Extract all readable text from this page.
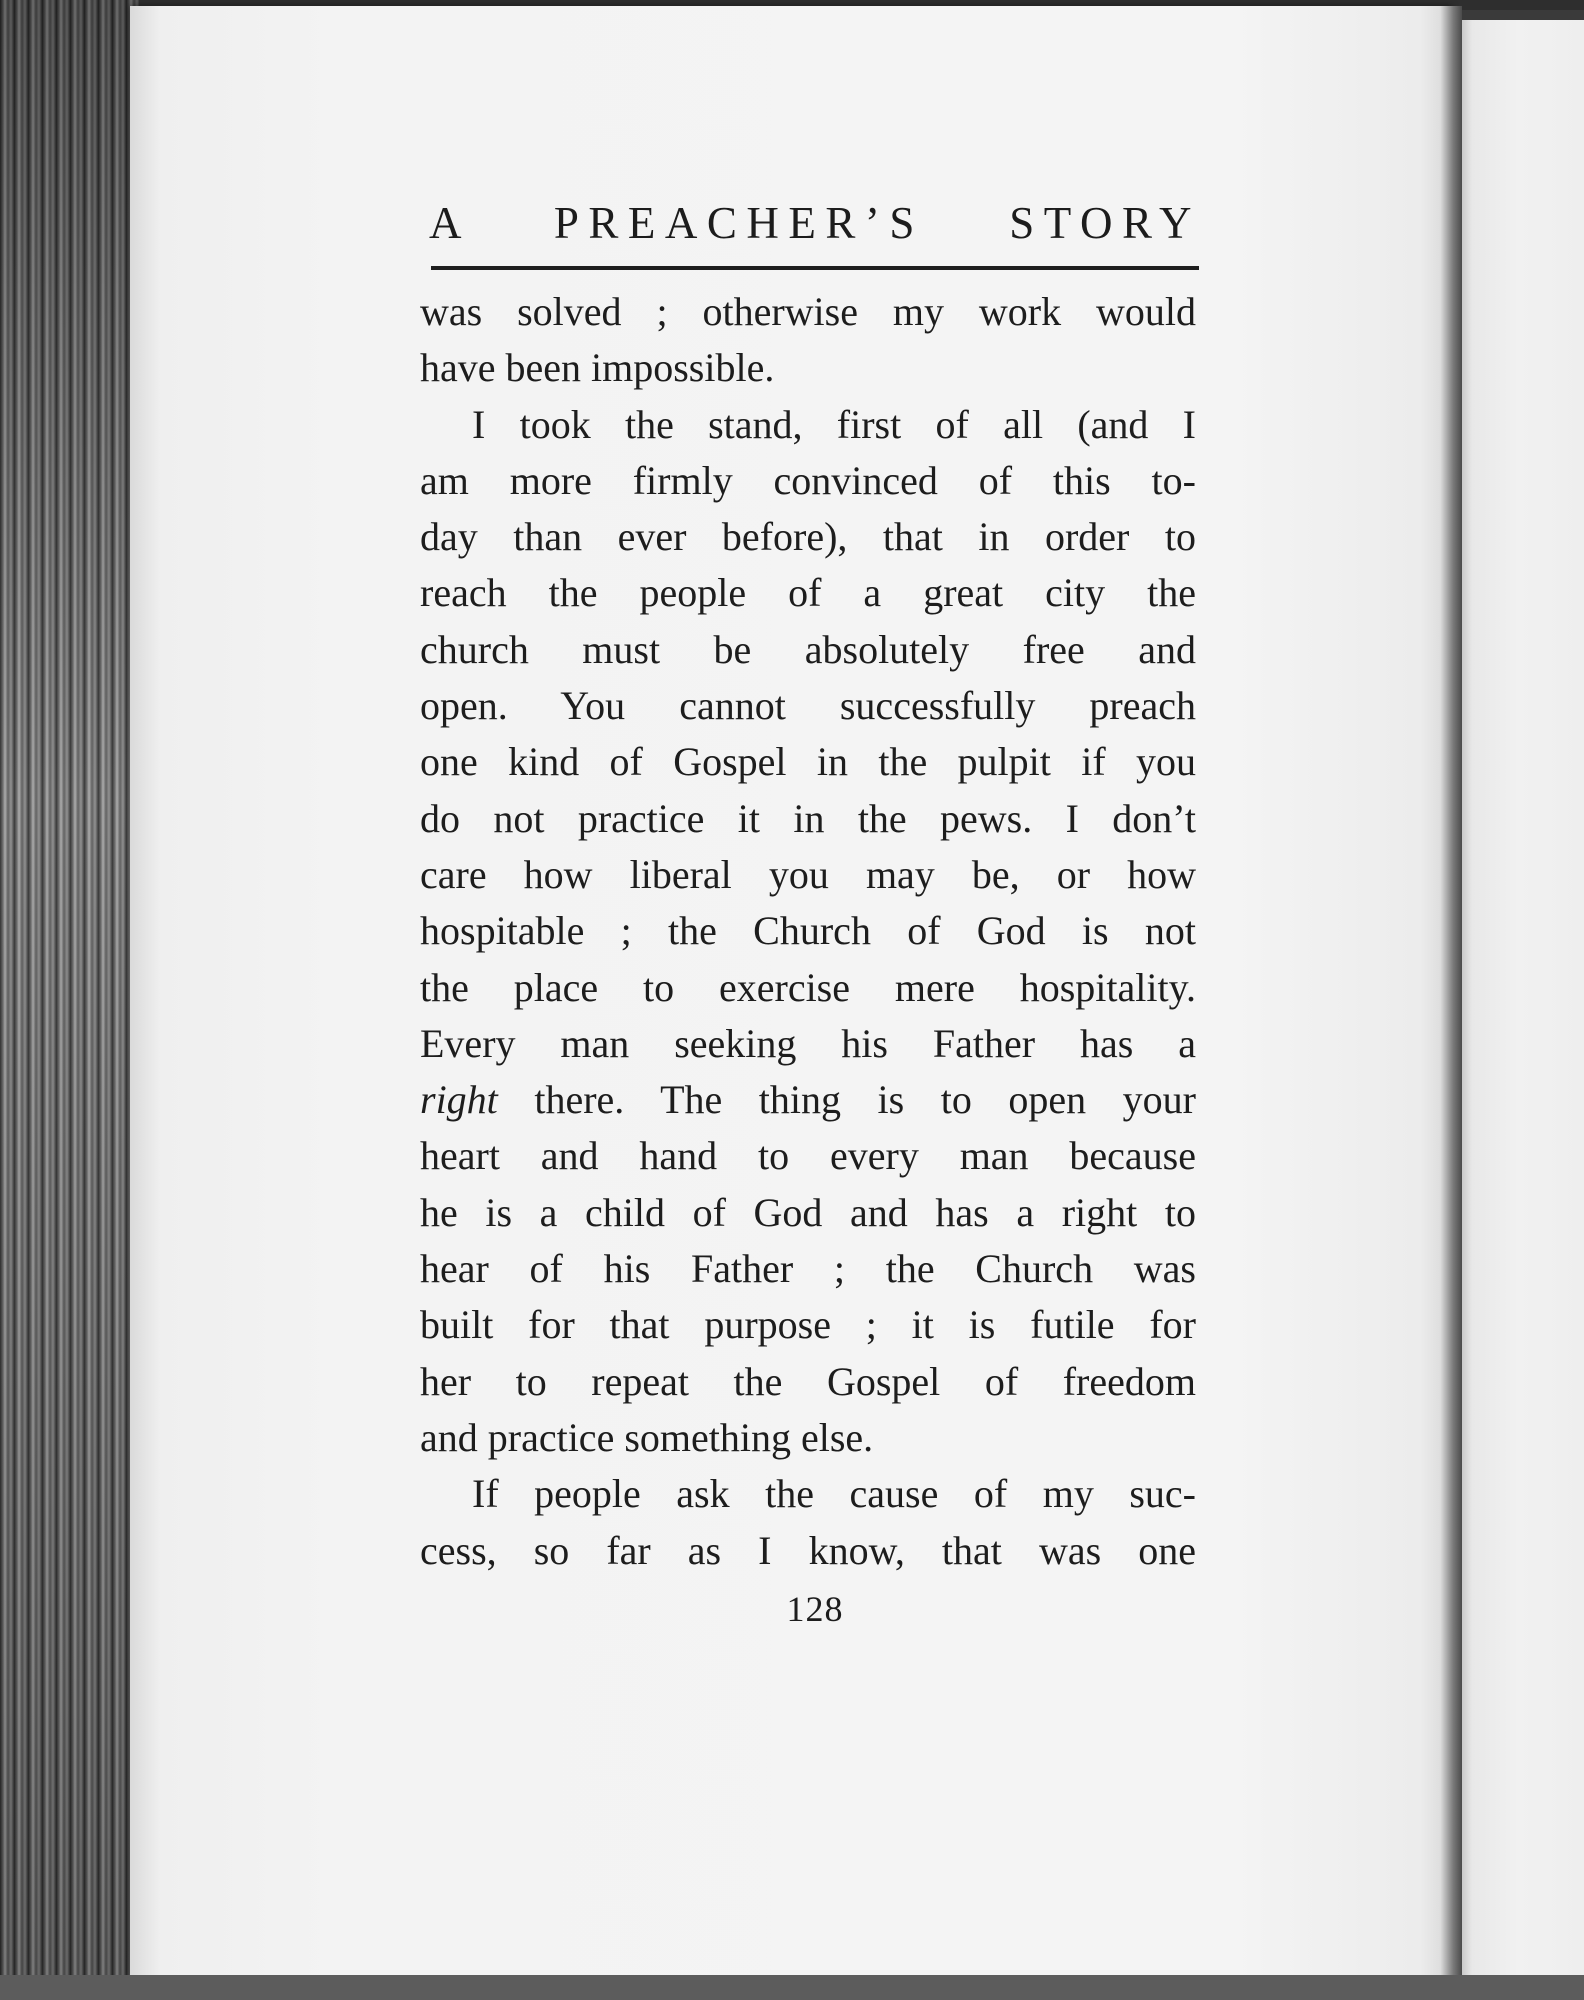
A PREACHER’S STORY

was solved ; otherwise my work would
have been impossible.

I took the stand, first of all (and I
am more firmly convinced of this to-
day than ever before), that in order to
reach the people of a great city the
church must be absolutely free and
open. You cannot successfully preach
one kind of Gospel in the pulpit if you
do not practice it in the pews. I don’t
care how liberal you may be, or how
hospitable ; the Church of God is not
the place to exercise mere hospitality.
Every man seeking his Father has a
right there. The thing is to open your
heart and hand to every man because
he is a child of God and has a right to
hear of his Father ; the Church was
built for that purpose ; it is futile for
her to repeat the Gospel of freedom
and practice something else.

If people ask the cause of my suc-
cess, so far as I know, that was one

128
